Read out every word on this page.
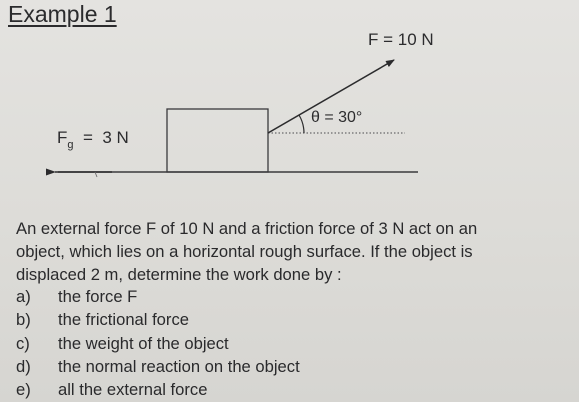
Example 1
F = 10 N
θ = 30°
$F_g = 3$ N
An external force F of 10 N and a friction force of 3 N act on an
object, which lies on a horizontal rough surface. If the object is
displaced 2 m, determine the work done by :
a)	the force F
b)	the frictional force
c)	the weight of the object
d)	the normal reaction on the object
e)	all the external force
